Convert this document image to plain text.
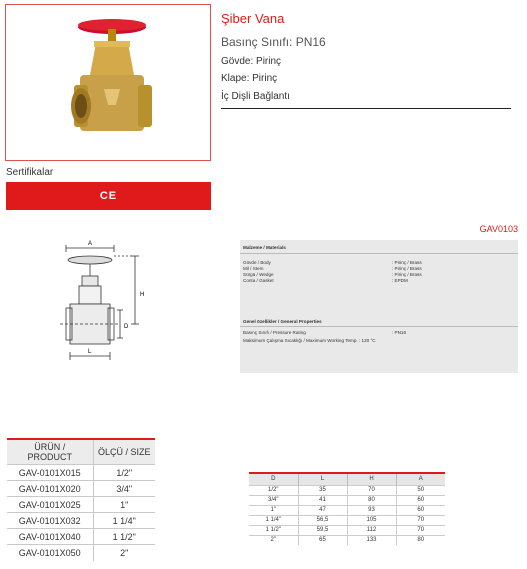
Sertifikalar
CE
Şiber Vana
Basınç Sınıfı: PN16
Gövde: Pirinç
Klape: Pirinç
İç Dişli Bağlantı
GAV0103
A
H
D
L
Malzeme / Materials
Gövde / Body	: Pirinç / Brass
Mil / Stem	: Pirinç / Brass
Sürgü / Wedge	: Pirinç / Brass
Conta / Gasket	: EPDM
Genel özellikler / General Properties
Basınç Sınıfı / Pressure Rating	: PN16
Maksimum Çalışma Sıcaklığı / Maximum Working Temp. : 120 °C
ÜRÜN / PRODUCT	ÖLÇÜ / SIZE
GAV-0101X015	1/2"
GAV-0101X020	3/4"
GAV-0101X025	1"
GAV-0101X032	1 1/4"
GAV-0101X040	1 1/2"
GAV-0101X050	2"
D	L	H	A
1/2"	35	70	50
3/4"	41	80	60
1"	47	93	60
1 1/4"	56,5	105	70
1 1/2"	59,5	112	70
2"	65	133	80
